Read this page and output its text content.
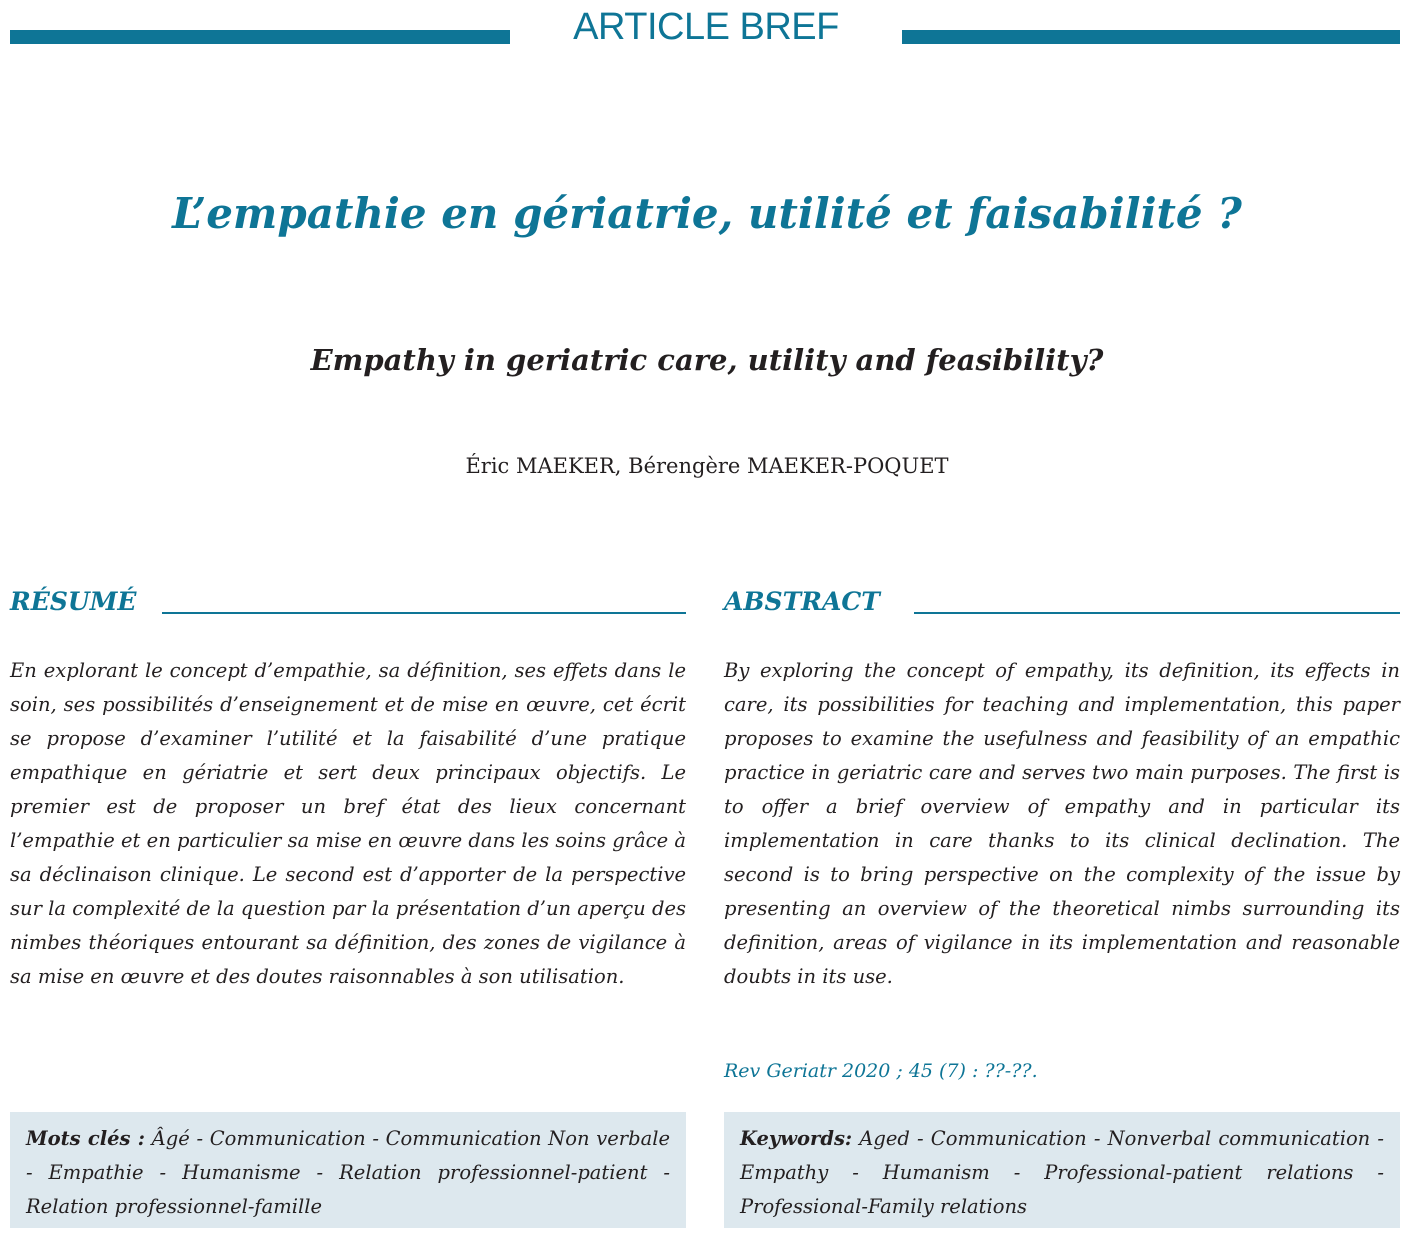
ARTICLE BREF
L’empathie en gériatrie, utilité et faisabilité ?
Empathy in geriatric care, utility and feasibility?
Éric MAEKER, Bérengère MAEKER-POQUET
RÉSUMÉ	ABSTRACT

En explorant le concept d’empathie, sa définition, ses effets dans le soin, ses possibilités d’enseignement et de mise en œuvre, cet écrit se propose d’examiner l’utilité et la faisabilité d’une pratique empathique en gériatrie et sert deux principaux objectifs. Le premier est de proposer un bref état des lieux concernant l’empathie et en particulier sa mise en œuvre dans les soins grâce à sa déclinaison clinique. Le second est d’apporter de la perspective sur la complexité de la question par la présentation d’un aperçu des nimbes théoriques entourant sa définition, des zones de vigilance à sa mise en œuvre et des doutes raisonnables à son utilisation.

By exploring the concept of empathy, its definition, its effects in care, its possibilities for teaching and implementation, this paper proposes to examine the usefulness and feasibility of an empathic practice in geriatric care and serves two main purposes. The first is to offer a brief overview of empathy and in particular its implementation in care thanks to its clinical declination. The second is to bring perspective on the complexity of the issue by presenting an overview of the theoretical nimbs surrounding its definition, areas of vigilance in its implementation and reasonable doubts in its use.

Rev Geriatr 2020 ; 45 (7) : ??-??.
Mots clés : Âgé - Communication - Communication Non verbale - Empathie - Humanisme - Relation professionnel-patient - Relation professionnel-famille
Keywords: Aged - Communication - Nonverbal communication - Empathy - Humanism - Professional-patient relations - Professional-Family relations
